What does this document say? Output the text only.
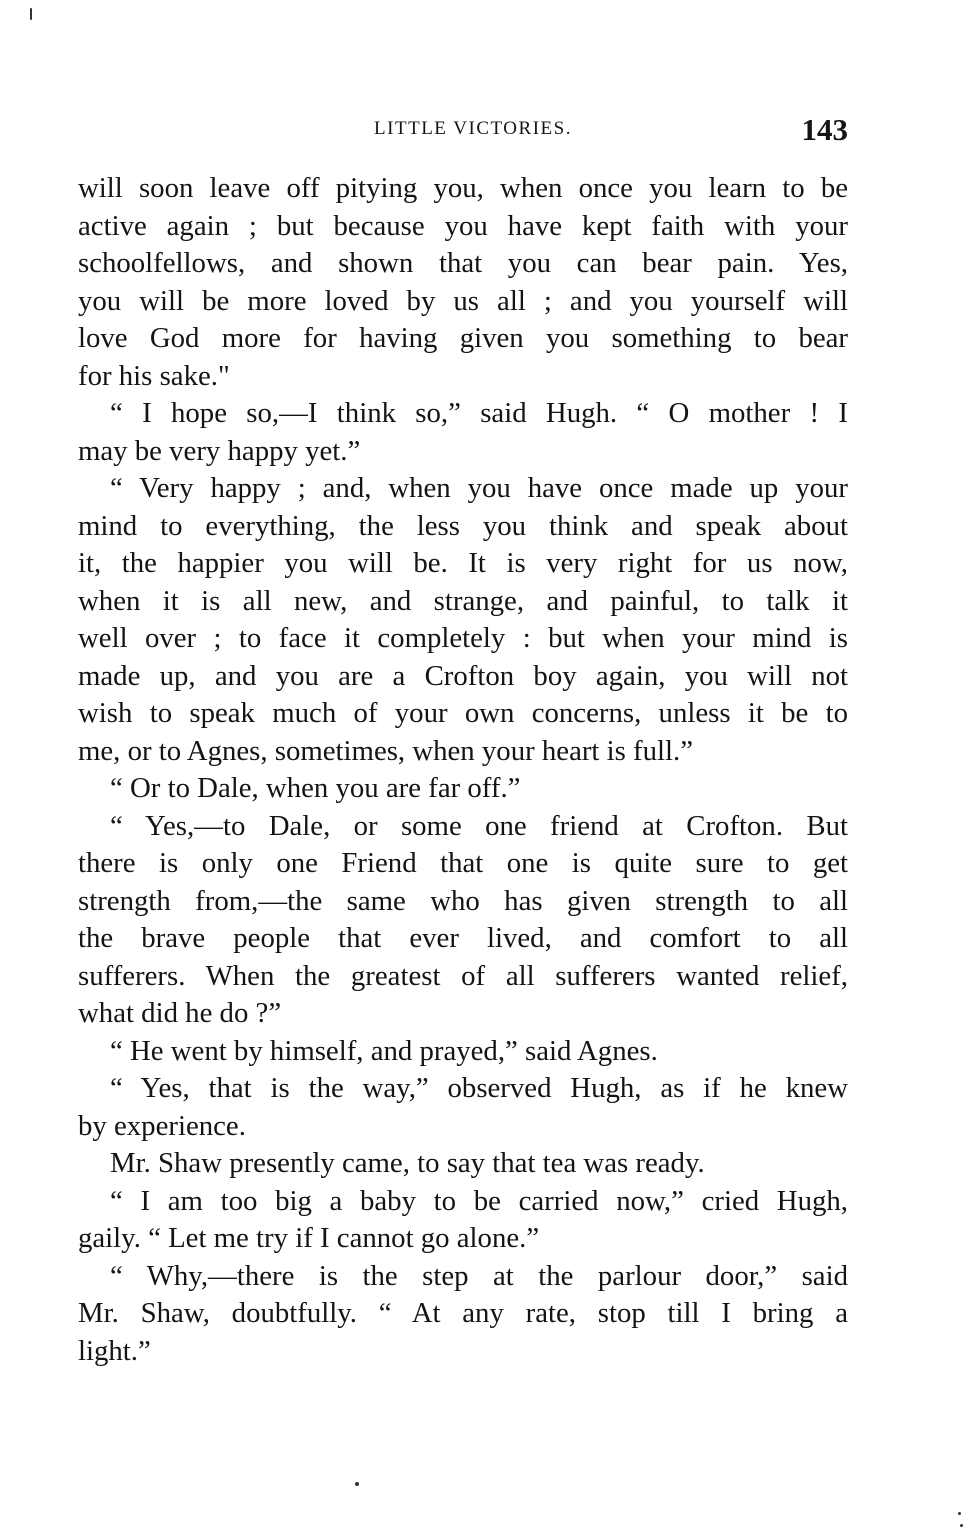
LITTLE VICTORIES.	143
will soon leave off pitying you, when once you learn to be
active again ; but because you have kept faith with your
schoolfellows, and shown that you can bear pain. Yes,
you will be more loved by us all ; and you yourself will
love God more for having given you something to bear
for his sake."
“ I hope so,—I think so,” said Hugh. “ O mother ! I
may be very happy yet.”
“ Very happy ; and, when you have once made up your
mind to everything, the less you think and speak about
it, the happier you will be. It is very right for us now,
when it is all new, and strange, and painful, to talk it
well over ; to face it completely : but when your mind is
made up, and you are a Crofton boy again, you will not
wish to speak much of your own concerns, unless it be to
me, or to Agnes, sometimes, when your heart is full.”
“ Or to Dale, when you are far off.”
“ Yes,—to Dale, or some one friend at Crofton. But
there is only one Friend that one is quite sure to get
strength from,—the same who has given strength to all
the brave people that ever lived, and comfort to all
sufferers. When the greatest of all sufferers wanted relief,
what did he do ?”
“ He went by himself, and prayed,” said Agnes.
“ Yes, that is the way,” observed Hugh, as if he knew
by experience.
Mr. Shaw presently came, to say that tea was ready.
“ I am too big a baby to be carried now,” cried Hugh,
gaily. “ Let me try if I cannot go alone.”
“ Why,—there is the step at the parlour door,” said
Mr. Shaw, doubtfully. “ At any rate, stop till I bring a
light.”
